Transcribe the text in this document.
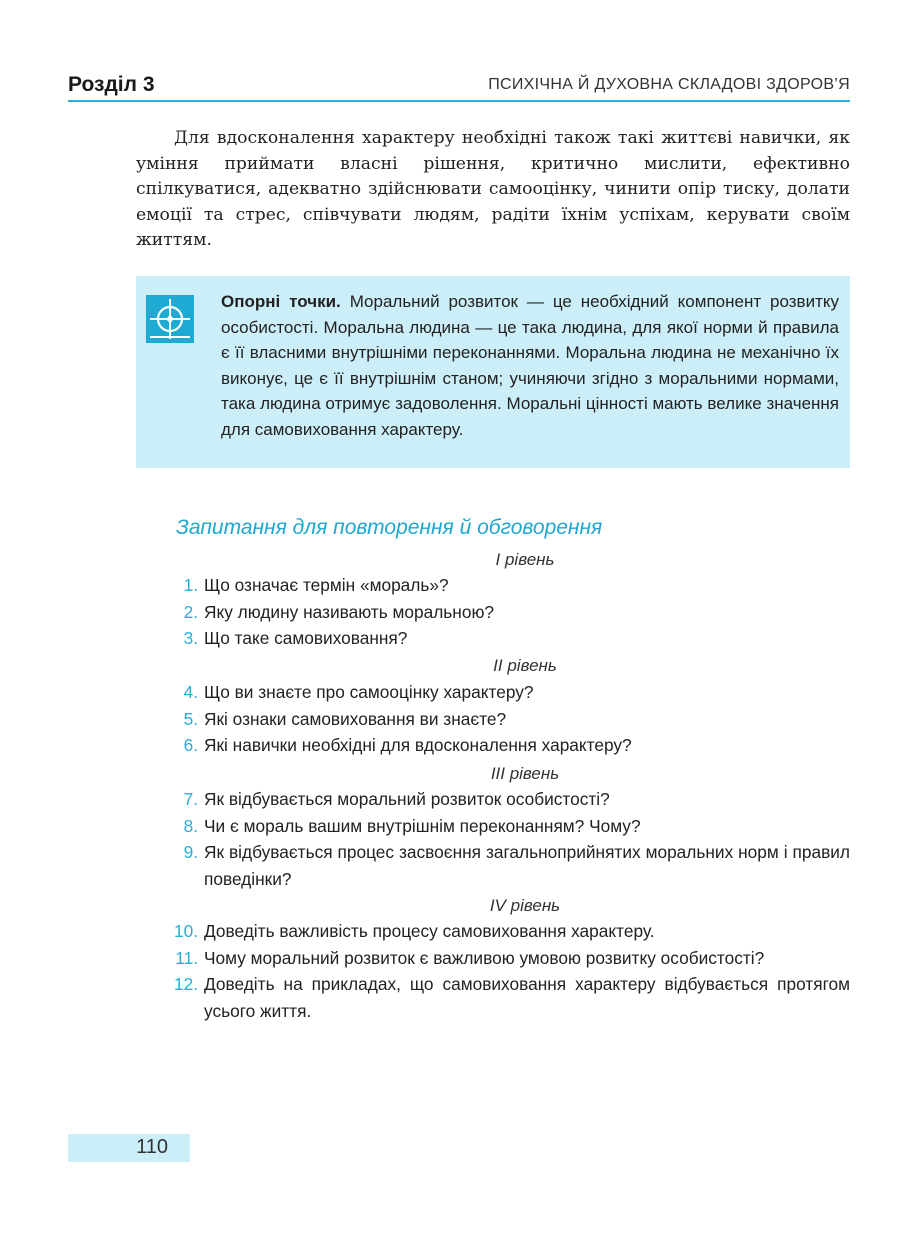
Розділ 3	ПСИХІЧНА Й ДУХОВНА СКЛАДОВІ ЗДОРОВ’Я

Для вдосконалення характеру необхідні також такі життєві навички, як уміння приймати власні рішення, критично мислити, ефективно спілкуватися, адекватно здійснювати самооцінку, чинити опір тиску, долати емоції та стрес, співчувати людям, радіти їхнім успіхам, керувати своїм життям.

Опорні точки. Моральний розвиток — це необхідний компонент розвитку особистості. Моральна людина — це така людина, для якої норми й правила є її власними внутрішніми переконаннями. Моральна людина не механічно їх виконує, це є її внутрішнім станом; учиняючи згідно з моральними нормами, така людина отримує задоволення. Моральні цінності мають велике значення для самовиховання характеру.

Запитання для повторення й обговорення
І рівень
1. Що означає термін «мораль»?
2. Яку людину називають моральною?
3. Що таке самовиховання?
ІІ рівень
4. Що ви знаєте про самооцінку характеру?
5. Які ознаки самовиховання ви знаєте?
6. Які навички необхідні для вдосконалення характеру?
ІІІ рівень
7. Як відбувається моральний розвиток особистості?
8. Чи є мораль вашим внутрішнім переконанням? Чому?
9. Як відбувається процес засвоєння загальноприйнятих моральних норм і правил поведінки?
ІV рівень
10. Доведіть важливість процесу самовиховання характеру.
11. Чому моральний розвиток є важливою умовою розвитку особистості?
12. Доведіть на прикладах, що самовиховання характеру відбувається протягом усього життя.
110
